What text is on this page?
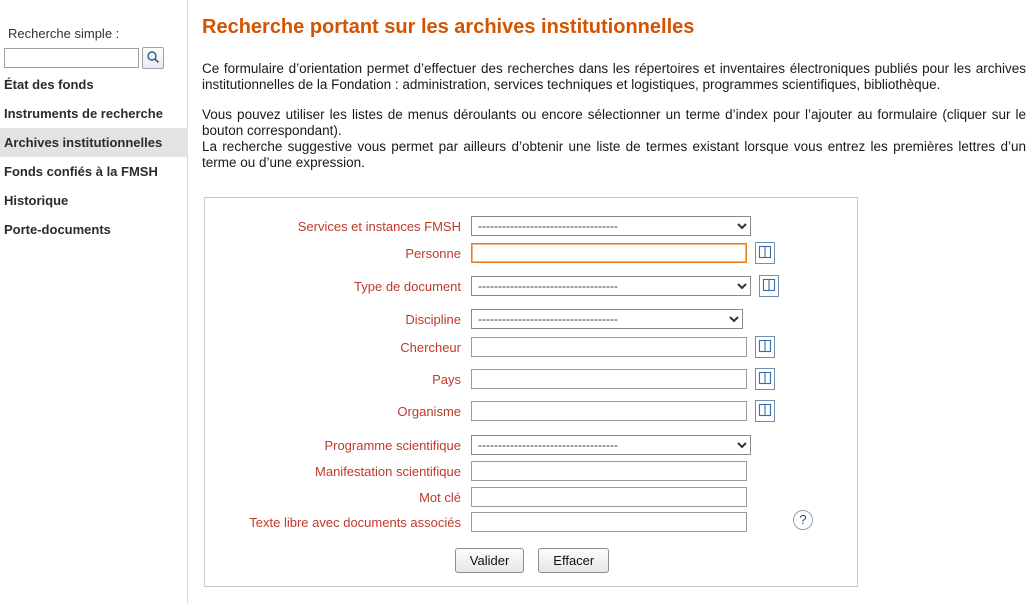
Recherche simple :
État des fonds
Instruments de recherche
Archives institutionnelles
Fonds confiés à la FMSH
Historique
Porte-documents
Recherche portant sur les archives institutionnelles

Ce formulaire d’orientation permet d’effectuer des recherches dans les répertoires et inventaires électroniques publiés pour les archives institutionnelles de la Fondation : administration, services techniques et logistiques, programmes scientifiques, bibliothèque.

Vous pouvez utiliser les listes de menus déroulants ou encore sélectionner un terme d’index pour l’ajouter au formulaire (cliquer sur le bouton correspondant).

La recherche suggestive vous permet par ailleurs d’obtenir une liste de termes existant lorsque vous entrez les premières lettres d’un terme ou d’une expression.

Services et instances FMSH
-----------------------------------
Personne
Type de document
-----------------------------------
Discipline
-----------------------------------
Chercheur
Pays
Organisme
Programme scientifique
-----------------------------------
Manifestation scientifique
Mot clé
Texte libre avec documents associés	?
Valider	Effacer
